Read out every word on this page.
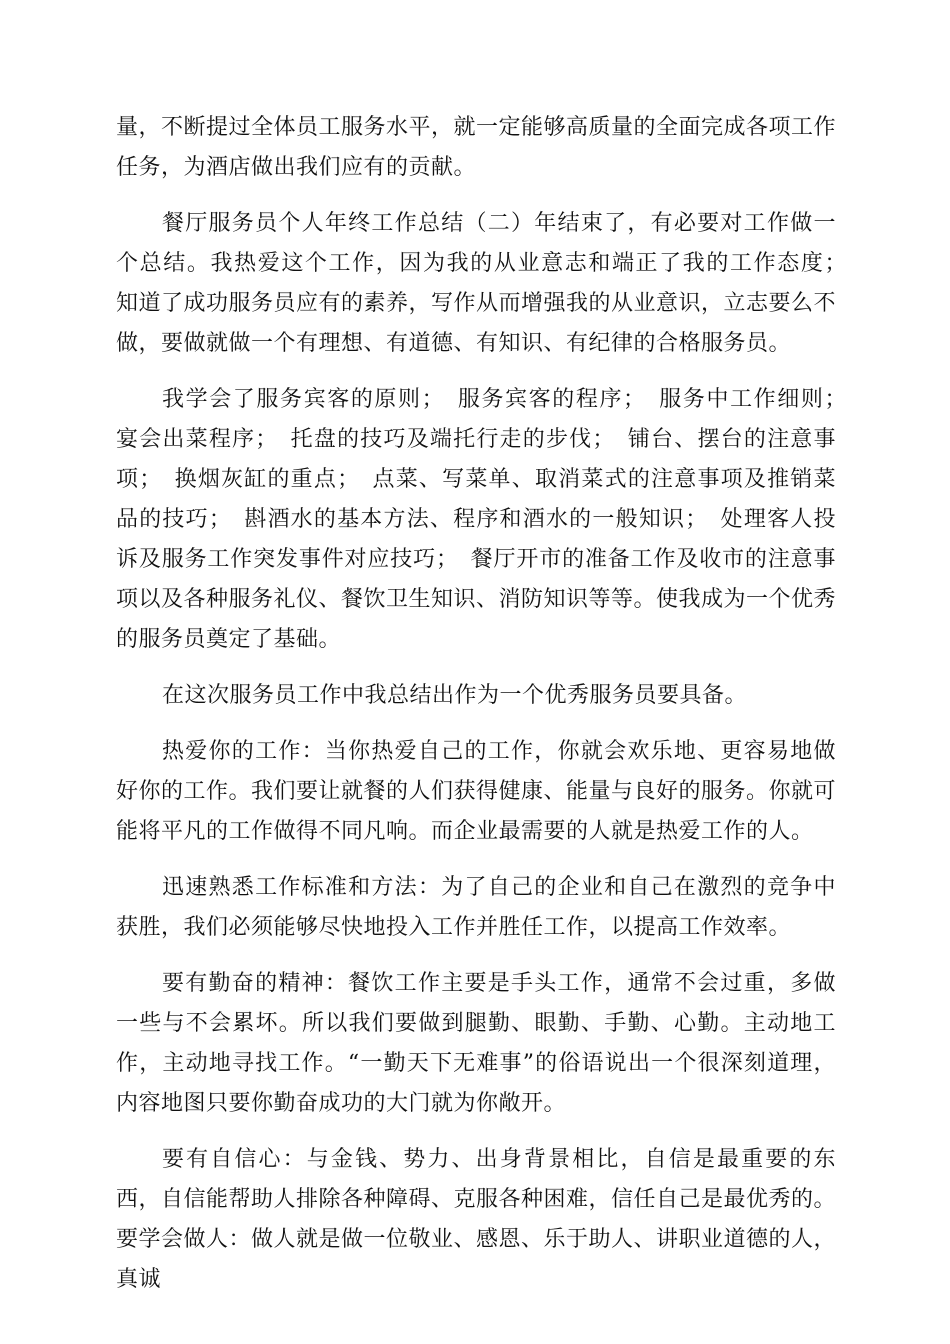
量，不断提过全体员工服务水平，就一定能够高质量的全面完成各项工作任务，为酒店做出我们应有的贡献。

餐厅服务员个人年终工作总结（二）年结束了，有必要对工作做一个总结。我热爱这个工作，因为我的从业意志和端正了我的工作态度；　知道了成功服务员应有的素养，写作从而增强我的从业意识，立志要么不做，要做就做一个有理想、有道德、有知识、有纪律的合格服务员。

我学会了服务宾客的原则；　服务宾客的程序；　服务中工作细则；　宴会出菜程序；　托盘的技巧及端托行走的步伐；　铺台、摆台的注意事项；　换烟灰缸的重点；　点菜、写菜单、取消菜式的注意事项及推销菜品的技巧；　斟酒水的基本方法、程序和酒水的一般知识；　处理客人投诉及服务工作突发事件对应技巧；　餐厅开市的准备工作及收市的注意事项以及各种服务礼仪、餐饮卫生知识、消防知识等等。使我成为一个优秀的服务员奠定了基础。

在这次服务员工作中我总结出作为一个优秀服务员要具备。

热爱你的工作：当你热爱自己的工作，你就会欢乐地、更容易地做好你的工作。我们要让就餐的人们获得健康、能量与良好的服务。你就可能将平凡的工作做得不同凡响。而企业最需要的人就是热爱工作的人。

迅速熟悉工作标准和方法：为了自己的企业和自己在激烈的竞争中获胜，我们必须能够尽快地投入工作并胜任工作，以提高工作效率。

要有勤奋的精神：餐饮工作主要是手头工作，通常不会过重，多做一些与不会累坏。所以我们要做到腿勤、眼勤、手勤、心勤。主动地工作，主动地寻找工作。“一勤天下无难事”的俗语说出一个很深刻道理，内容地图只要你勤奋成功的大门就为你敞开。

要有自信心：与金钱、势力、出身背景相比，自信是最重要的东西，自信能帮助人排除各种障碍、克服各种困难，信任自己是最优秀的。要学会做人：做人就是做一位敬业、感恩、乐于助人、讲职业道德的人，真诚
